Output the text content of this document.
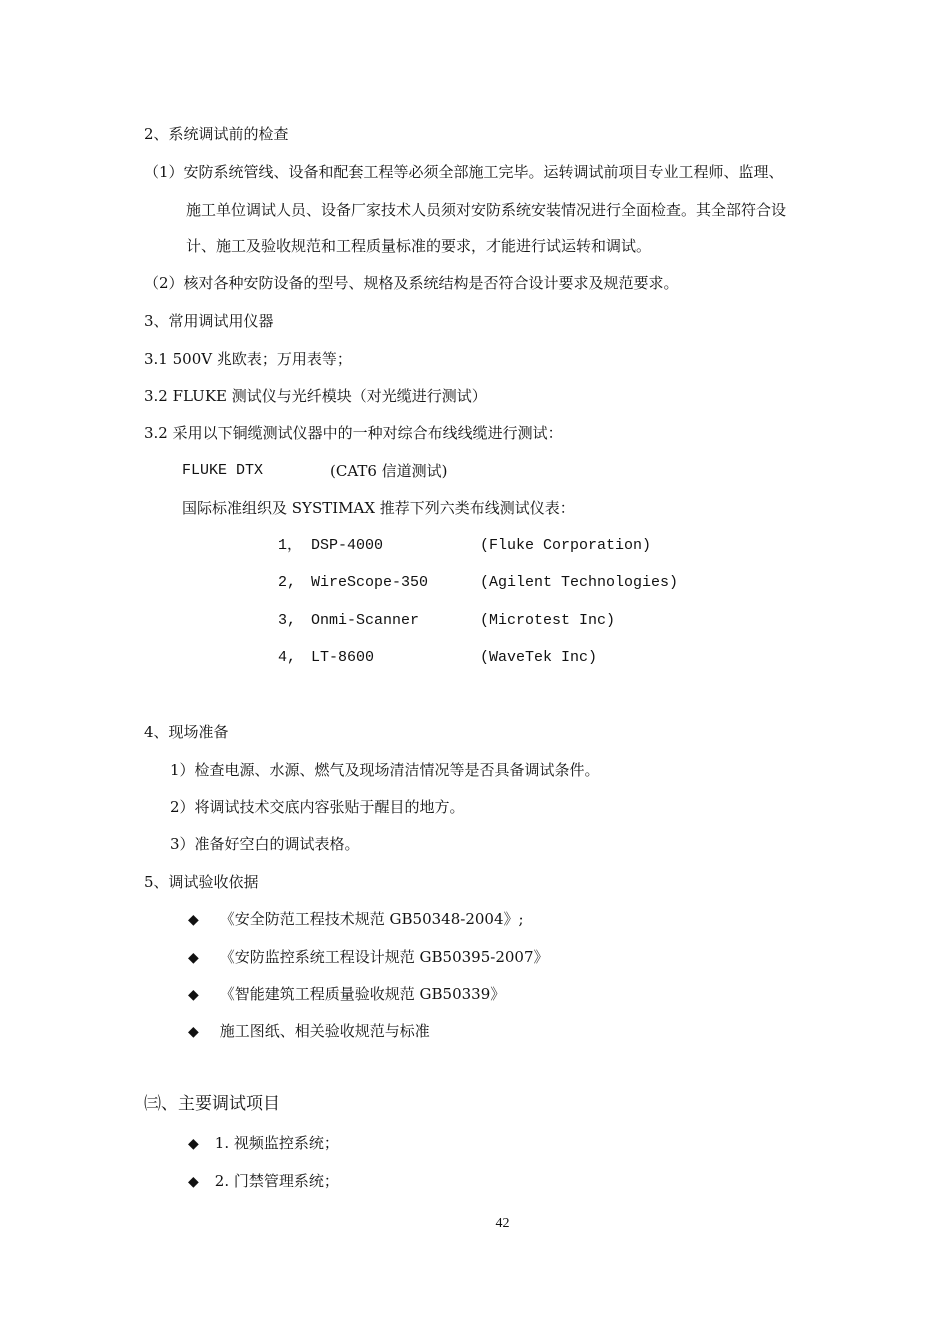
2、系统调试前的检查
（1）安防系统管线、设备和配套工程等必须全部施工完毕。运转调试前项目专业工程师、监理、
施工单位调试人员、设备厂家技术人员须对安防系统安装情况进行全面检查。其全部符合设
计、施工及验收规范和工程质量标准的要求，才能进行试运转和调试。
（2）核对各种安防设备的型号、规格及系统结构是否符合设计要求及规范要求。
3、常用调试用仪器
3.1 500V 兆欧表；万用表等；
3.2 FLUKE 测试仪与光纤模块（对光缆进行测试）
3.2 采用以下铜缆测试仪器中的一种对综合布线线缆进行测试：
FLUKE DTX	(CAT6 信道测试)
国际标准组织及 SYSTIMAX 推荐下列六类布线测试仪表：
1， DSP-4000	(Fluke Corporation)
2, WireScope-350	(Agilent Technologies)
3, Onmi-Scanner	(Microtest Inc)
4, LT-8600	(WaveTek Inc)
4、现场准备
1）检查电源、水源、燃气及现场清洁情况等是否具备调试条件。
2）将调试技术交底内容张贴于醒目的地方。
3）准备好空白的调试表格。
5、调试验收依据
◆ 《安全防范工程技术规范 GB50348-2004》;
◆ 《安防监控系统工程设计规范 GB50395-2007》
◆ 《智能建筑工程质量验收规范 GB50339》
◆ 施工图纸、相关验收规范与标准
㈢、主要调试项目
◆ 1. 视频监控系统；
◆ 2. 门禁管理系统；
42
